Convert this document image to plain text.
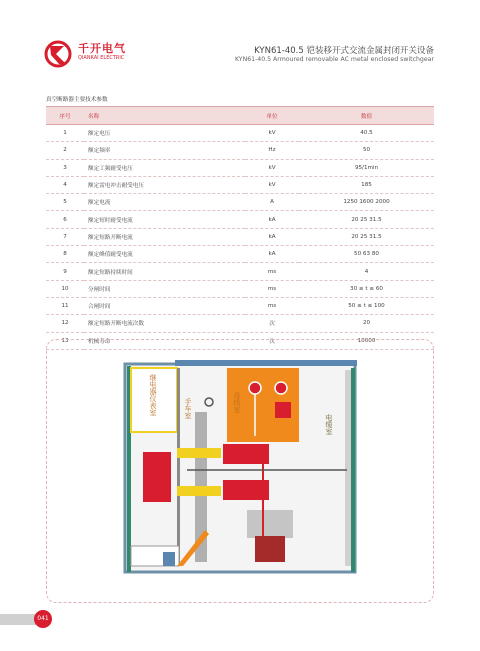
千开电气
QIANKAI ELECTRIC
KYN61-40.5 铠装移开式交流金属封闭开关设备
KYN61-40.5 Armoured removable AC metal enclosed switchgear
真空断路器主要技术参数
序号	名称	单位	数值
1	额定电压	kV	40.5
2	额定频率	Hz	50
3	额定工频耐受电压	kV	95/1min
4	额定雷电冲击耐受电压	kV	185
5	额定电流	A	1250 1600 2000
6	额定短时耐受电流	kA	20 25 31.5
7	额定短路开断电流	kA	20 25 31.5
8	额定峰值耐受电流	kA	50 63 80
9	额定短路持续时间	ms	4
10	分闸时间	ms	30 ≤ t ≤ 60
11	合闸时间	ms	50 ≤ t ≤ 100
12	额定短路开断电流次数	次	20
13	机械寿命	次	10000
继电器仪表室	手车室	母线室
电缆室
041
